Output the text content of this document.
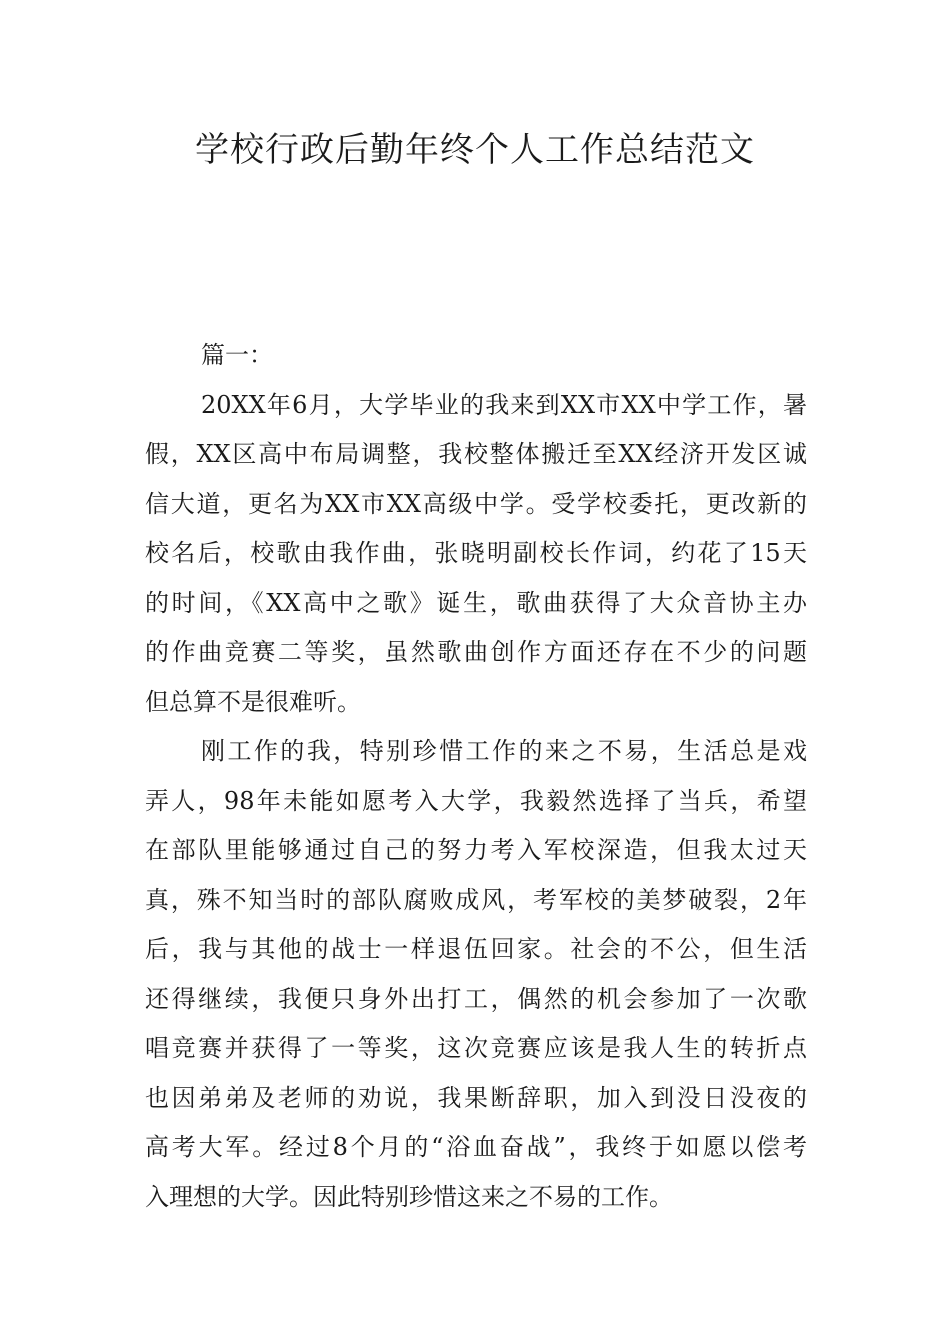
学校行政后勤年终个人工作总结范文
篇一：
20XX年6月，大学毕业的我来到XX市XX中学工作，暑
假，XX区高中布局调整，我校整体搬迁至XX经济开发区诚
信大道，更名为XX市XX高级中学。受学校委托，更改新的
校名后，校歌由我作曲，张晓明副校长作词，约花了15天
的时间，《XX高中之歌》诞生，歌曲获得了大众音协主办
的作曲竞赛二等奖，虽然歌曲创作方面还存在不少的问题
但总算不是很难听。
刚工作的我，特别珍惜工作的来之不易，生活总是戏
弄人，98年未能如愿考入大学，我毅然选择了当兵，希望
在部队里能够通过自己的努力考入军校深造，但我太过天
真，殊不知当时的部队腐败成风，考军校的美梦破裂，2年
后，我与其他的战士一样退伍回家。社会的不公，但生活
还得继续，我便只身外出打工，偶然的机会参加了一次歌
唱竞赛并获得了一等奖，这次竞赛应该是我人生的转折点
也因弟弟及老师的劝说，我果断辞职，加入到没日没夜的
高考大军。经过8个月的“浴血奋战”，我终于如愿以偿考
入理想的大学。因此特别珍惜这来之不易的工作。
